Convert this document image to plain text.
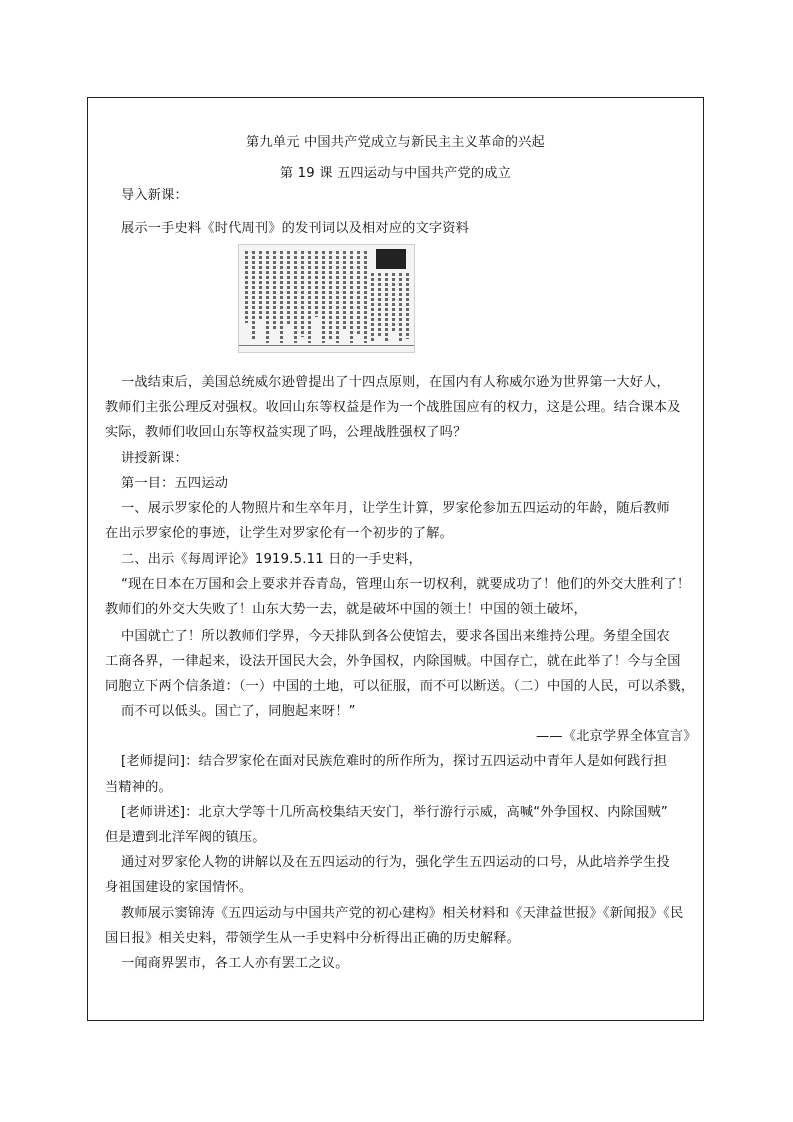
第九单元 中国共产党成立与新民主主义革命的兴起
第 19 课 五四运动与中国共产党的成立
导入新课：
展示一手史料《时代周刊》的发刊词以及相对应的文字资料
一战结束后，美国总统威尔逊曾提出了十四点原则，在国内有人称威尔逊为世界第一大好人，
教师们主张公理反对强权。收回山东等权益是作为一个战胜国应有的权力，这是公理。结合课本及
实际，教师们收回山东等权益实现了吗，公理战胜强权了吗？
讲授新课：
第一目：五四运动
一、展示罗家伦的人物照片和生卒年月，让学生计算，罗家伦参加五四运动的年龄，随后教师
在出示罗家伦的事迹，让学生对罗家伦有一个初步的了解。
二、出示《每周评论》1919.5.11 日的一手史料，
“现在日本在万国和会上要求并吞青岛，管理山东一切权利，就要成功了！他们的外交大胜利了！
教师们的外交大失败了！山东大势一去，就是破坏中国的领土！中国的领土破坏，
中国就亡了！所以教师们学界，今天排队到各公使馆去，要求各国出来维持公理。务望全国农
工商各界，一律起来，设法开国民大会，外争国权，内除国贼。中国存亡，就在此举了！今与全国
同胞立下两个信条道：（一）中国的土地，可以征服，而不可以断送。（二）中国的人民，可以杀戮，
而不可以低头。国亡了，同胞起来呀！”
——《北京学界全体宣言》
[老师提问]：结合罗家伦在面对民族危难时的所作所为，探讨五四运动中青年人是如何践行担
当精神的。
[老师讲述]：北京大学等十几所高校集结天安门，举行游行示威，高喊“外争国权、内除国贼”
但是遭到北洋军阀的镇压。
通过对罗家伦人物的讲解以及在五四运动的行为，强化学生五四运动的口号，从此培养学生投
身祖国建设的家国情怀。
教师展示窦锦涛《五四运动与中国共产党的初心建构》相关材料和《天津益世报》《新闻报》《民
国日报》相关史料，带领学生从一手史料中分析得出正确的历史解释。
一闻商界罢市，各工人亦有罢工之议。
